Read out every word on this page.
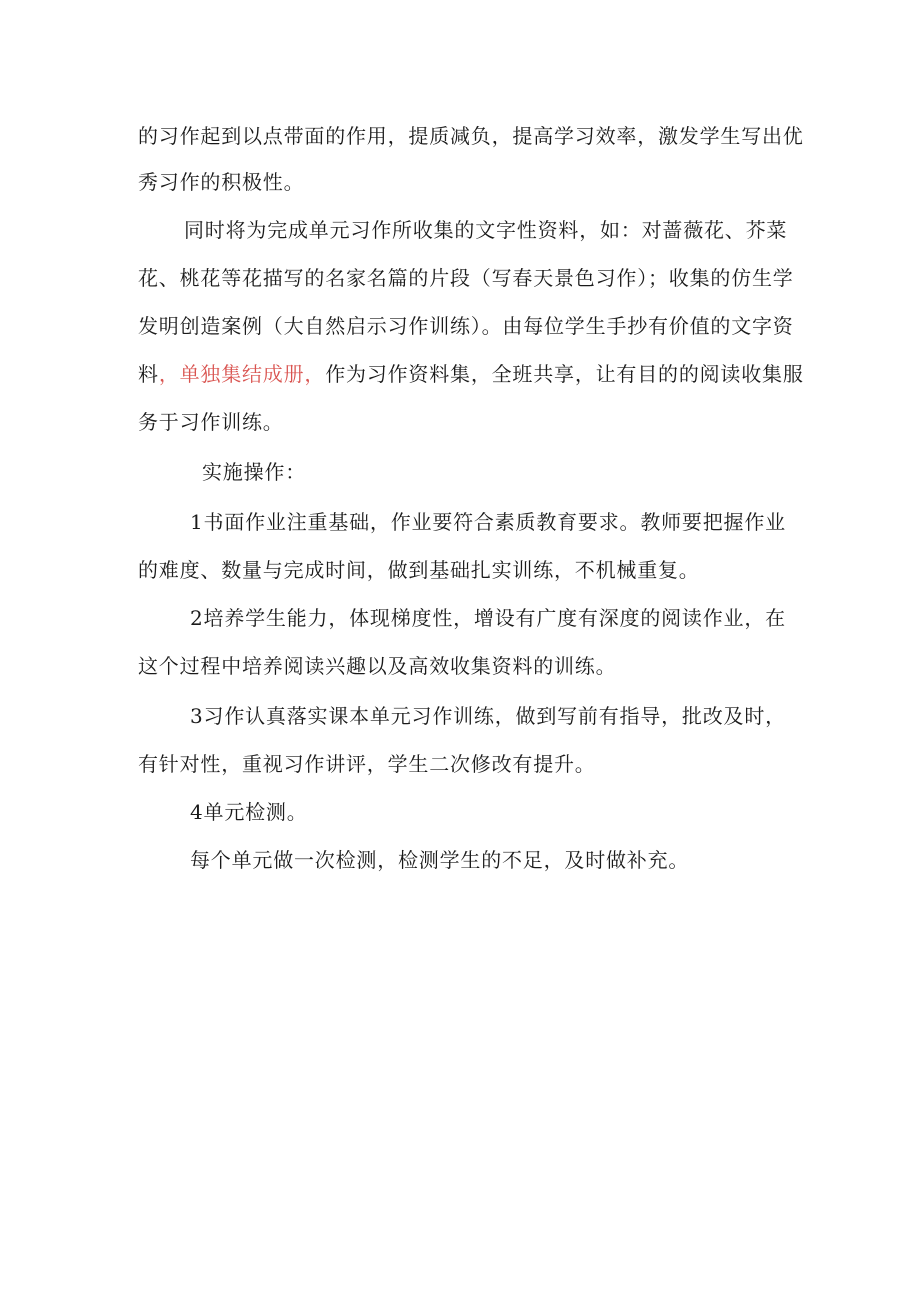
的习作起到以点带面的作用，提质减负，提高学习效率，激发学生写出优
秀习作的积极性。
同时将为完成单元习作所收集的文字性资料，如：对蔷薇花、芥菜
花、桃花等花描写的名家名篇的片段（写春天景色习作）；收集的仿生学
发明创造案例（大自然启示习作训练）。由每位学生手抄有价值的文字资
料，单独集结成册，作为习作资料集，全班共享，让有目的的阅读收集服
务于习作训练。
实施操作：
1书面作业注重基础，作业要符合素质教育要求。教师要把握作业
的难度、数量与完成时间，做到基础扎实训练，不机械重复。
2培养学生能力，体现梯度性，增设有广度有深度的阅读作业，在
这个过程中培养阅读兴趣以及高效收集资料的训练。
3习作认真落实课本单元习作训练，做到写前有指导，批改及时，
有针对性，重视习作讲评，学生二次修改有提升。
4单元检测。
每个单元做一次检测，检测学生的不足，及时做补充。
